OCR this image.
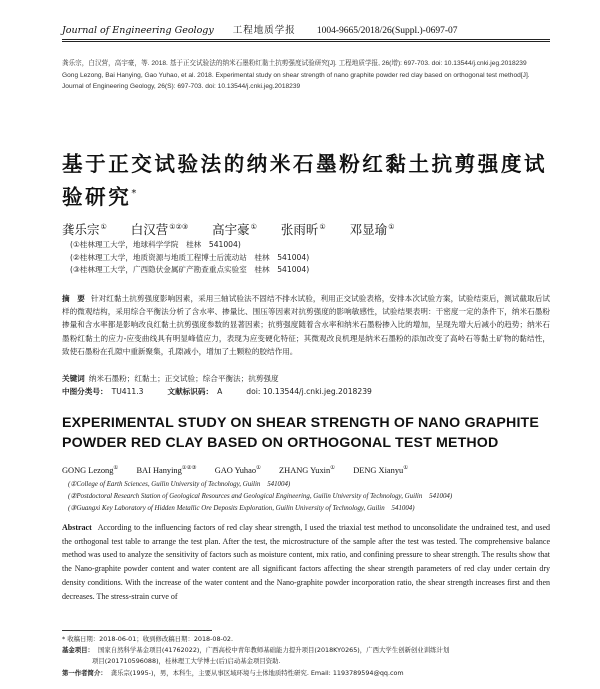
Journal of Engineering Geology 工程地质学报 1004-9665/2018/26(Suppl.)-0697-07
龚乐宗，白汉营，高宇豪，等. 2018. 基于正交试验法的纳米石墨粉红黏土抗剪强度试验研究[J]. 工程地质学报, 26(增): 697-703. doi: 10.13544/j.cnki.jeg.2018239
Gong Lezong, Bai Hanying, Gao Yuhao, et al. 2018. Experimental study on shear strength of nano graphite powder red clay based on orthogonal test method[J]. Journal of Engineering Geology, 26(S): 697-703. doi: 10.13544/j.cnki.jeg.2018239
基于正交试验法的纳米石墨粉红黏土抗剪强度试验研究*
龚乐宗① 白汉营①②③ 高宇豪① 张雨昕① 邓显瑜①
(①桂林理工大学，地球科学学院　桂林　541004)
(②桂林理工大学，地质资源与地质工程博士后流动站　桂林　541004)
(③桂林理工大学，广西隐伏金属矿产勘查重点实验室　桂林　541004)
摘　要 针对红黏土抗剪强度影响因素，采用三轴试验法不固结不排水试验，利用正交试验表格，安排本次试验方案，试验结束后，测试截取后试样的微观结构，采用综合平衡法分析了含水率、掺量比、围压等因素对抗剪强度的影响敏感性，试验结果表明：干密度一定的条件下，纳米石墨粉掺量和含水率都是影响改良红黏土抗剪强度参数的显著因素；抗剪强度随着含水率和纳米石墨粉掺入比的增加，呈现先增大后减小的趋势；纳米石墨粉红黏土的应力-应变曲线具有明显峰值应力，表现为应变硬化特征；其微观改良机理是纳米石墨粉的添加改变了高岭石等黏土矿物的黏结性，致使石墨粉在孔隙中重新聚集，孔隙减小，增加了土颗粒的胶结作用。
关键词 纳米石墨粉；红黏土；正交试验；综合平衡法；抗剪强度
中图分类号： TU411.3	文献标识码： A	doi: 10.13544/j.cnki.jeg.2018239
EXPERIMENTAL STUDY ON SHEAR STRENGTH OF NANO GRAPHITE POWDER RED CLAY BASED ON ORTHOGONAL TEST METHOD
GONG Lezong① BAI Hanying①②③ GAO Yuhao① ZHANG Yuxin① DENG Xianyu①
(①College of Earth Sciences, Guilin University of Technology, Guilin　541004)
(②Postdoctoral Research Station of Geological Resources and Geological Engineering, Guilin University of Technology, Guilin　541004)
(③Guangxi Key Laboratory of Hidden Metallic Ore Deposits Exploration, Guilin University of Technology, Guilin　541004)
Abstract According to the influencing factors of red clay shear strength, I used the triaxial test method to unconsolidate the undrained test, and used the orthogonal test table to arrange the test plan. After the test, the microstructure of the sample after the test was tested. The comprehensive balance method was used to analyze the sensitivity of factors such as moisture content, mix ratio, and confining pressure to shear strength. The results show that the Nano-graphite powder content and water content are all significant factors affecting the shear strength parameters of red clay under certain dry density conditions. With the increase of the water content and the Nano-graphite powder incorporation ratio, the shear strength increases first and then decreases. The stress-strain curve of
* 收稿日期：2018-06-01；收到修改稿日期：2018-08-02.
基金项目： 国家自然科学基金项目(41762022)，广西高校中青年教师基础能力提升项目(2018KY0265)，广西大学生创新创业训练计划
项目(201710596088)，桂林理工大学博士(后)启动基金项目资助.
第一作者简介： 龚乐宗(1995-)，男，本科生，主要从事区域环境与土体地质特性研究. Email: 1193789594@qq.com
